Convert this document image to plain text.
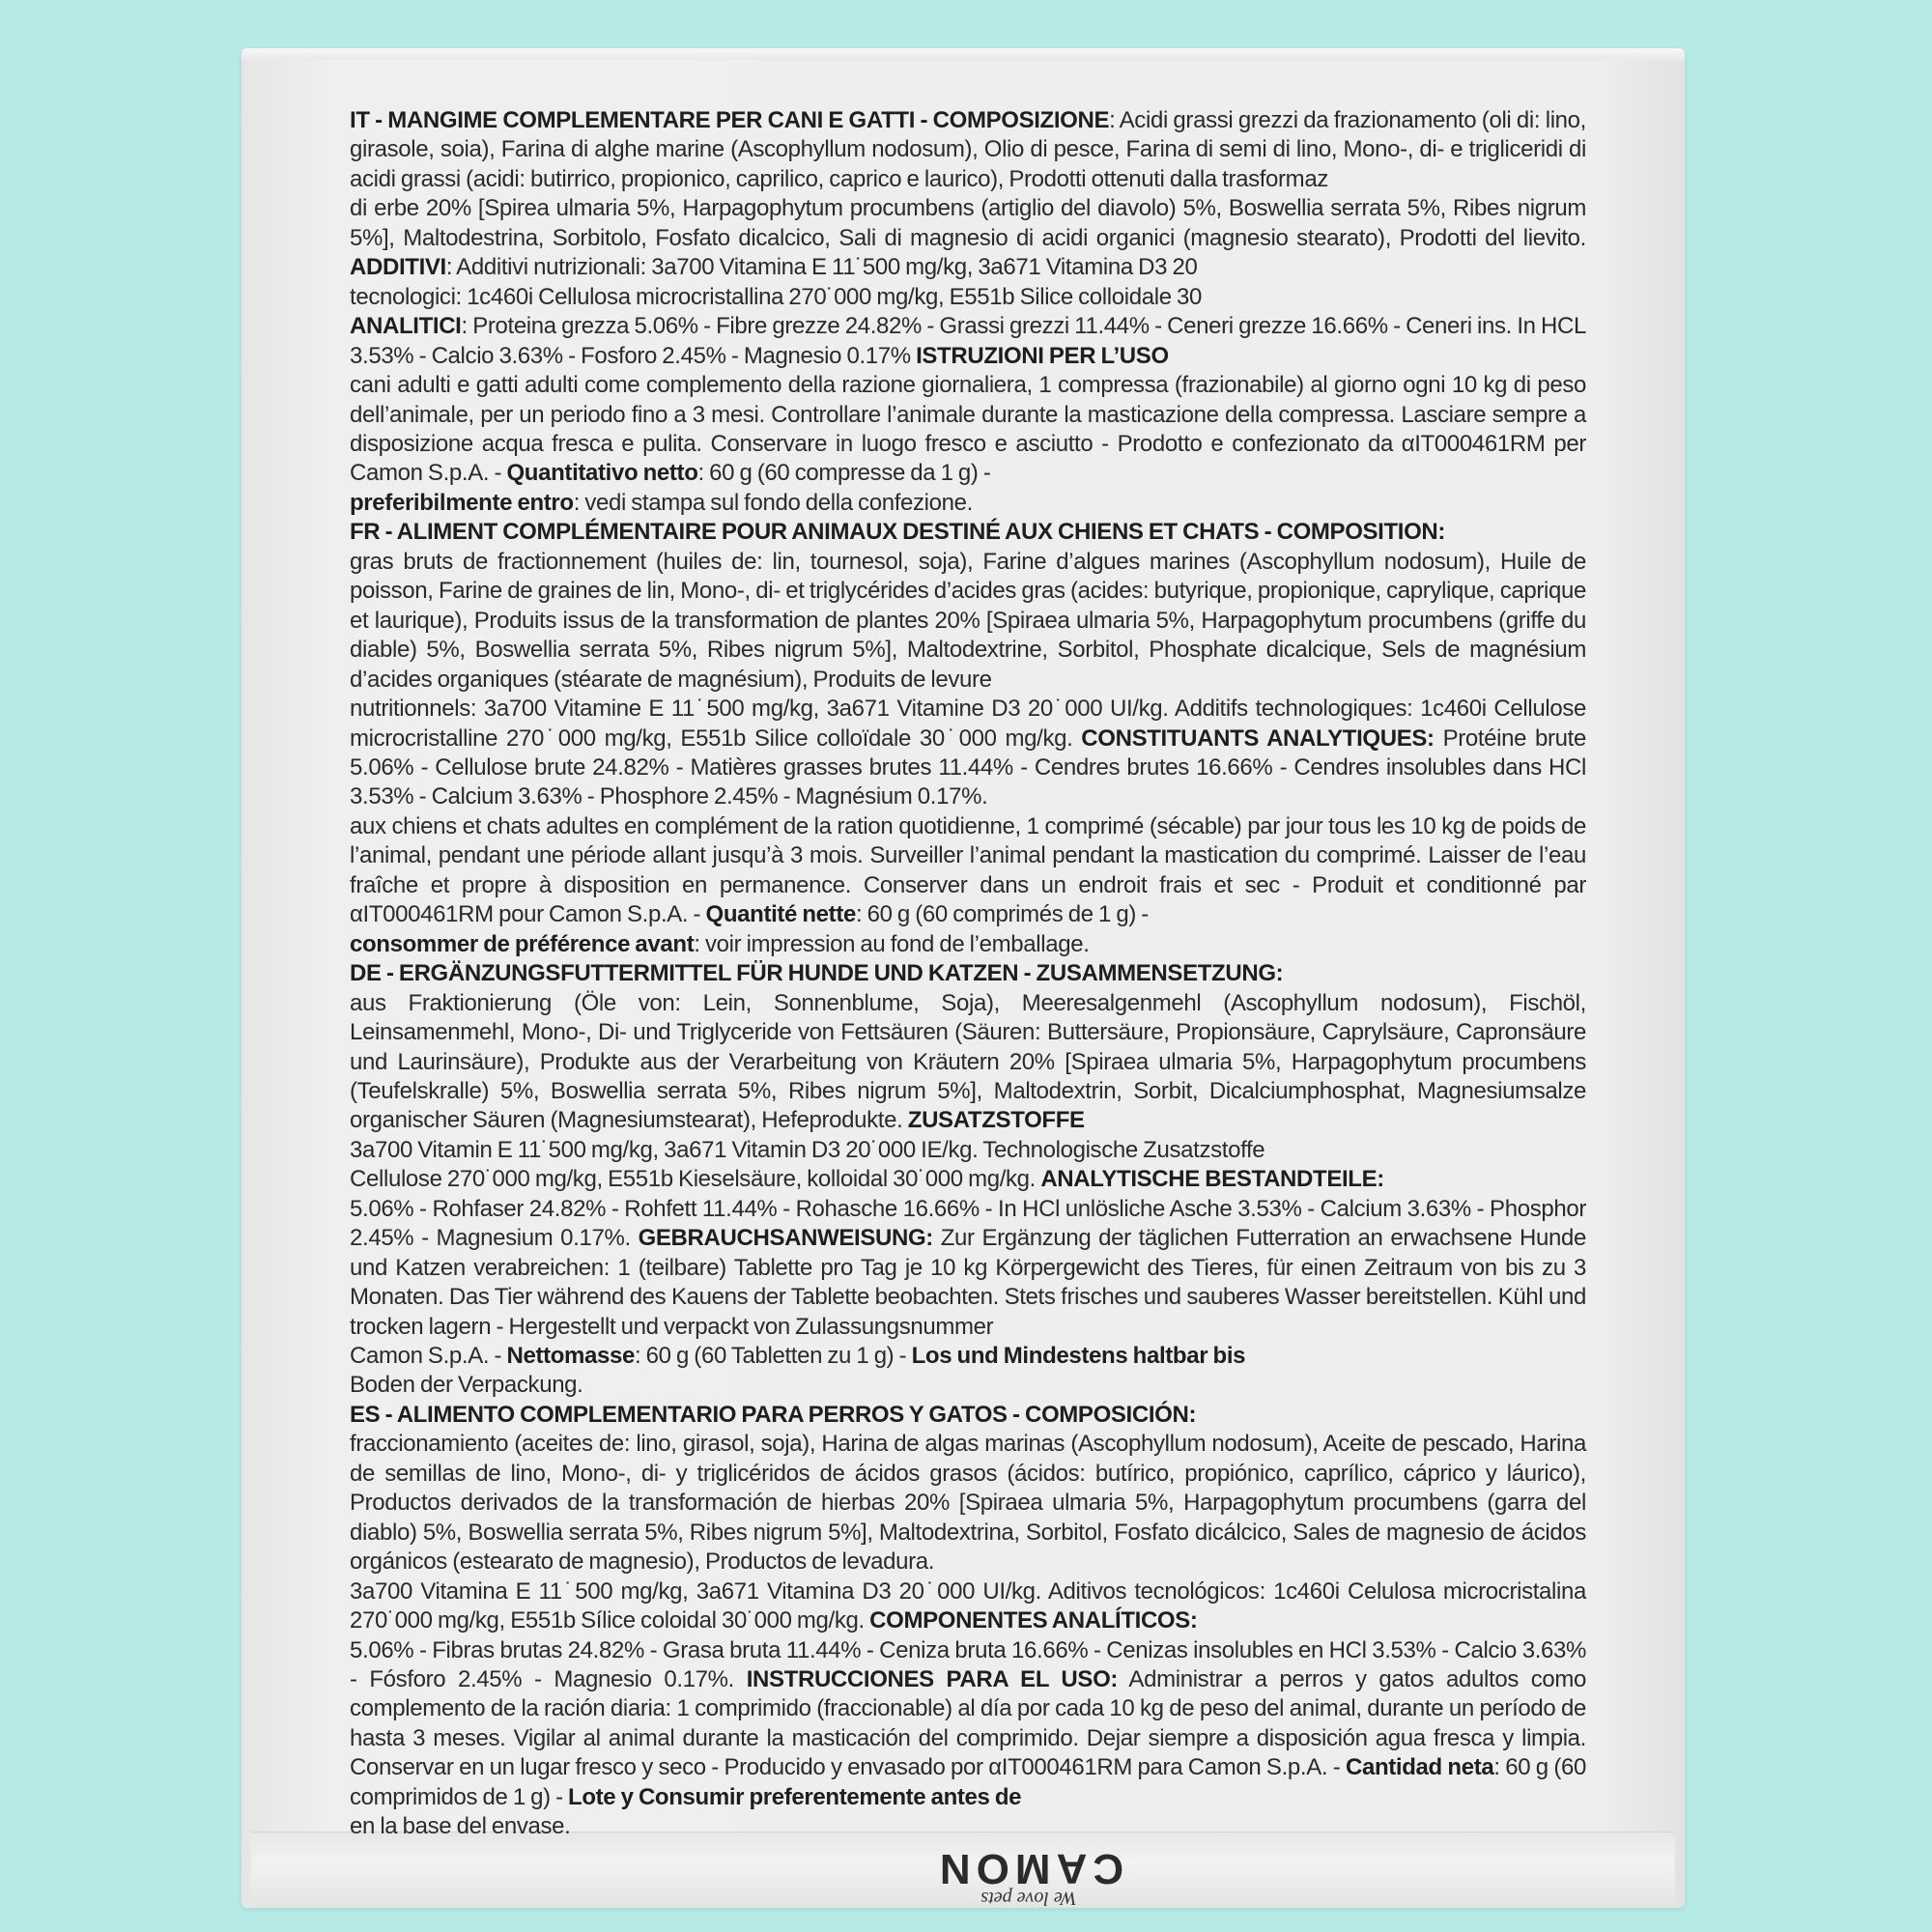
IT - MANGIME COMPLEMENTARE PER CANI E GATTI - COMPOSIZIONE: Acidi grassi grezzi da frazionamento (oli di: lino, girasole, soia), Farina di alghe marine (Ascophyllum nodosum), Olio di pesce, Farina di semi di lino, Mono-, di- e trigliceridi di acidi grassi (acidi: butirrico, propionico, caprilico, caprico e laurico), Prodotti ottenuti dalla trasformaz
di erbe 20% [Spirea ulmaria 5%, Harpagophytum procumbens (artiglio del diavolo) 5%, Boswellia serrata 5%, Ribes nigrum 5%], Maltodestrina, Sorbitolo, Fosfato dicalcico, Sali di magnesio di acidi organici (magnesio stearato), Prodotti del lievito. ADDITIVI: Additivi nutrizionali: 3a700 Vitamina E 11˙500 mg/kg, 3a671 Vitamina D3 20
tecnologici: 1c460i Cellulosa microcristallina 270˙000 mg/kg, E551b Silice colloidale 30
ANALITICI: Proteina grezza 5.06% - Fibre grezze 24.82% - Grassi grezzi 11.44% - Ceneri grezze 16.66% - Ceneri ins. In HCL 3.53% - Calcio 3.63% - Fosforo 2.45% - Magnesio 0.17% ISTRUZIONI PER L’USO
cani adulti e gatti adulti come complemento della razione giornaliera, 1 compressa (frazionabile) al giorno ogni 10 kg di peso dell’animale, per un periodo fino a 3 mesi. Controllare l’animale durante la masticazione della compressa. Lasciare sempre a disposizione acqua fresca e pulita. Conservare in luogo fresco e asciutto - Prodotto e confezionato da αIT000461RM per Camon S.p.A. - Quantitativo netto: 60 g (60 compresse da 1 g) -
preferibilmente entro: vedi stampa sul fondo della confezione.

FR - ALIMENT COMPLÉMENTAIRE POUR ANIMAUX DESTINÉ AUX CHIENS ET CHATS - COMPOSITION:
gras bruts de fractionnement (huiles de: lin, tournesol, soja), Farine d’algues marines (Ascophyllum nodosum), Huile de poisson, Farine de graines de lin, Mono-, di- et triglycérides d’acides gras (acides: butyrique, propionique, caprylique, caprique et laurique), Produits issus de la transformation de plantes 20% [Spiraea ulmaria 5%, Harpagophytum procumbens (griffe du diable) 5%, Boswellia serrata 5%, Ribes nigrum 5%], Maltodextrine, Sorbitol, Phosphate dicalcique, Sels de magnésium d’acides organiques (stéarate de magnésium), Produits de levure
nutritionnels: 3a700 Vitamine E 11˙500 mg/kg, 3a671 Vitamine D3 20˙000 UI/kg. Additifs technologiques: 1c460i Cellulose microcristalline 270˙000 mg/kg, E551b Silice colloïdale 30˙000 mg/kg. CONSTITUANTS ANALYTIQUES: Protéine brute 5.06% - Cellulose brute 24.82% - Matières grasses brutes 11.44% - Cendres brutes 16.66% - Cendres insolubles dans HCl 3.53% - Calcium 3.63% - Phosphore 2.45% - Magnésium 0.17%.
aux chiens et chats adultes en complément de la ration quotidienne, 1 comprimé (sécable) par jour tous les 10 kg de poids de l’animal, pendant une période allant jusqu’à 3 mois. Surveiller l’animal pendant la mastication du comprimé. Laisser de l’eau fraîche et propre à disposition en permanence. Conserver dans un endroit frais et sec - Produit et conditionné par αIT000461RM pour Camon S.p.A. - Quantité nette: 60 g (60 comprimés de 1 g) -
consommer de préférence avant: voir impression au fond de l’emballage.

DE - ERGÄNZUNGSFUTTERMITTEL FÜR HUNDE UND KATZEN - ZUSAMMENSETZUNG:
aus Fraktionierung (Öle von: Lein, Sonnenblume, Soja), Meeresalgenmehl (Ascophyllum nodosum), Fischöl, Leinsamenmehl, Mono-, Di- und Triglyceride von Fettsäuren (Säuren: Buttersäure, Propionsäure, Caprylsäure, Capronsäure und Laurinsäure), Produkte aus der Verarbeitung von Kräutern 20% [Spiraea ulmaria 5%, Harpagophytum procumbens (Teufelskralle) 5%, Boswellia serrata 5%, Ribes nigrum 5%], Maltodextrin, Sorbit, Dicalciumphosphat, Magnesiumsalze organischer Säuren (Magnesiumstearat), Hefeprodukte. ZUSATZSTOFFE
3a700 Vitamin E 11˙500 mg/kg, 3a671 Vitamin D3 20˙000 IE/kg. Technologische Zusatzstoffe
Cellulose 270˙000 mg/kg, E551b Kieselsäure, kolloidal 30˙000 mg/kg. ANALYTISCHE BESTANDTEILE:
5.06% - Rohfaser 24.82% - Rohfett 11.44% - Rohasche 16.66% - In HCl unlösliche Asche 3.53% - Calcium 3.63% - Phosphor 2.45% - Magnesium 0.17%. GEBRAUCHSANWEISUNG: Zur Ergänzung der täglichen Futterration an erwachsene Hunde und Katzen verabreichen: 1 (teilbare) Tablette pro Tag je 10 kg Körpergewicht des Tieres, für einen Zeitraum von bis zu 3 Monaten. Das Tier während des Kauens der Tablette beobachten. Stets frisches und sauberes Wasser bereitstellen. Kühl und trocken lagern - Hergestellt und verpackt von Zulassungsnummer
Camon S.p.A. - Nettomasse: 60 g (60 Tabletten zu 1 g) - Los und Mindestens haltbar bis
Boden der Verpackung.

ES - ALIMENTO COMPLEMENTARIO PARA PERROS Y GATOS - COMPOSICIÓN:
fraccionamiento (aceites de: lino, girasol, soja), Harina de algas marinas (Ascophyllum nodosum), Aceite de pescado, Harina de semillas de lino, Mono-, di- y triglicéridos de ácidos grasos (ácidos: butírico, propiónico, caprílico, cáprico y láurico), Productos derivados de la transformación de hierbas 20% [Spiraea ulmaria 5%, Harpagophytum procumbens (garra del diablo) 5%, Boswellia serrata 5%, Ribes nigrum 5%], Maltodextrina, Sorbitol, Fosfato dicálcico, Sales de magnesio de ácidos orgánicos (estearato de magnesio), Productos de levadura.
3a700 Vitamina E 11˙500 mg/kg, 3a671 Vitamina D3 20˙000 UI/kg. Aditivos tecnológicos: 1c460i Celulosa microcristalina 270˙000 mg/kg, E551b Sílice coloidal 30˙000 mg/kg. COMPONENTES ANALÍTICOS:
5.06% - Fibras brutas 24.82% - Grasa bruta 11.44% - Ceniza bruta 16.66% - Cenizas insolubles en HCl 3.53% - Calcio 3.63% - Fósforo 2.45% - Magnesio 0.17%. INSTRUCCIONES PARA EL USO: Administrar a perros y gatos adultos como complemento de la ración diaria: 1 comprimido (fraccionable) al día por cada 10 kg de peso del animal, durante un período de hasta 3 meses. Vigilar al animal durante la masticación del comprimido. Dejar siempre a disposición agua fresca y limpia. Conservar en un lugar fresco y seco - Producido y envasado por αIT000461RM para Camon S.p.A. - Cantidad neta: 60 g (60 comprimidos de 1 g) - Lote y Consumir preferentemente antes de
en la base del envase.

We love pets
CAMON
